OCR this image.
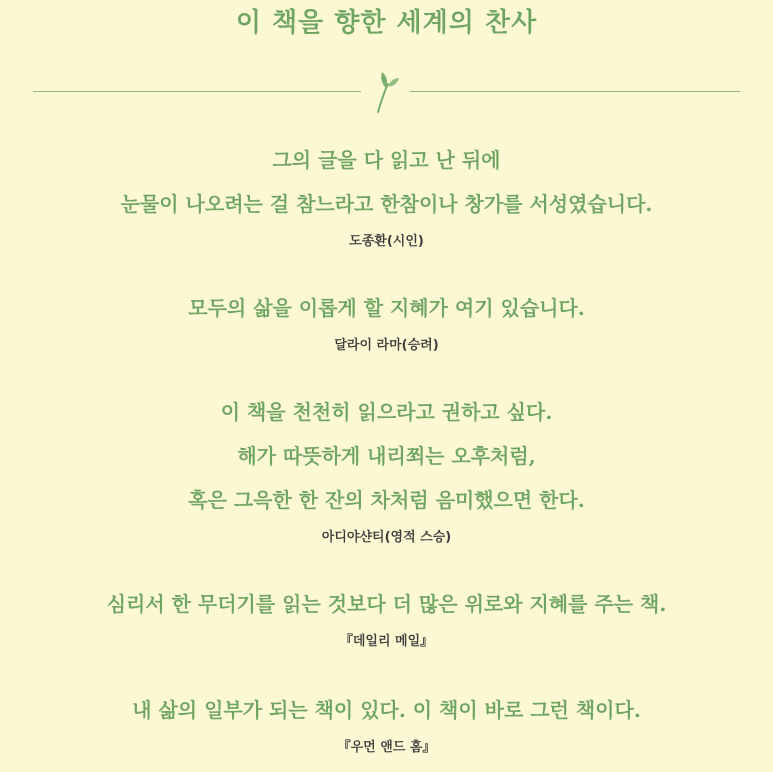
이 책을 향한 세계의 찬사
그의 글을 다 읽고 난 뒤에
눈물이 나오려는 걸 참느라고 한참이나 창가를 서성였습니다.
도종환(시인)
모두의 삶을 이롭게 할 지혜가 여기 있습니다.
달라이 라마(승려)
이 책을 천천히 읽으라고 권하고 싶다.
해가 따뜻하게 내리쬐는 오후처럼,
혹은 그윽한 한 잔의 차처럼 음미했으면 한다.
아디야샨티(영적 스승)
심리서 한 무더기를 읽는 것보다 더 많은 위로와 지혜를 주는 책.
『데일리 메일』
내 삶의 일부가 되는 책이 있다. 이 책이 바로 그런 책이다.
『우먼 앤드 홈』
